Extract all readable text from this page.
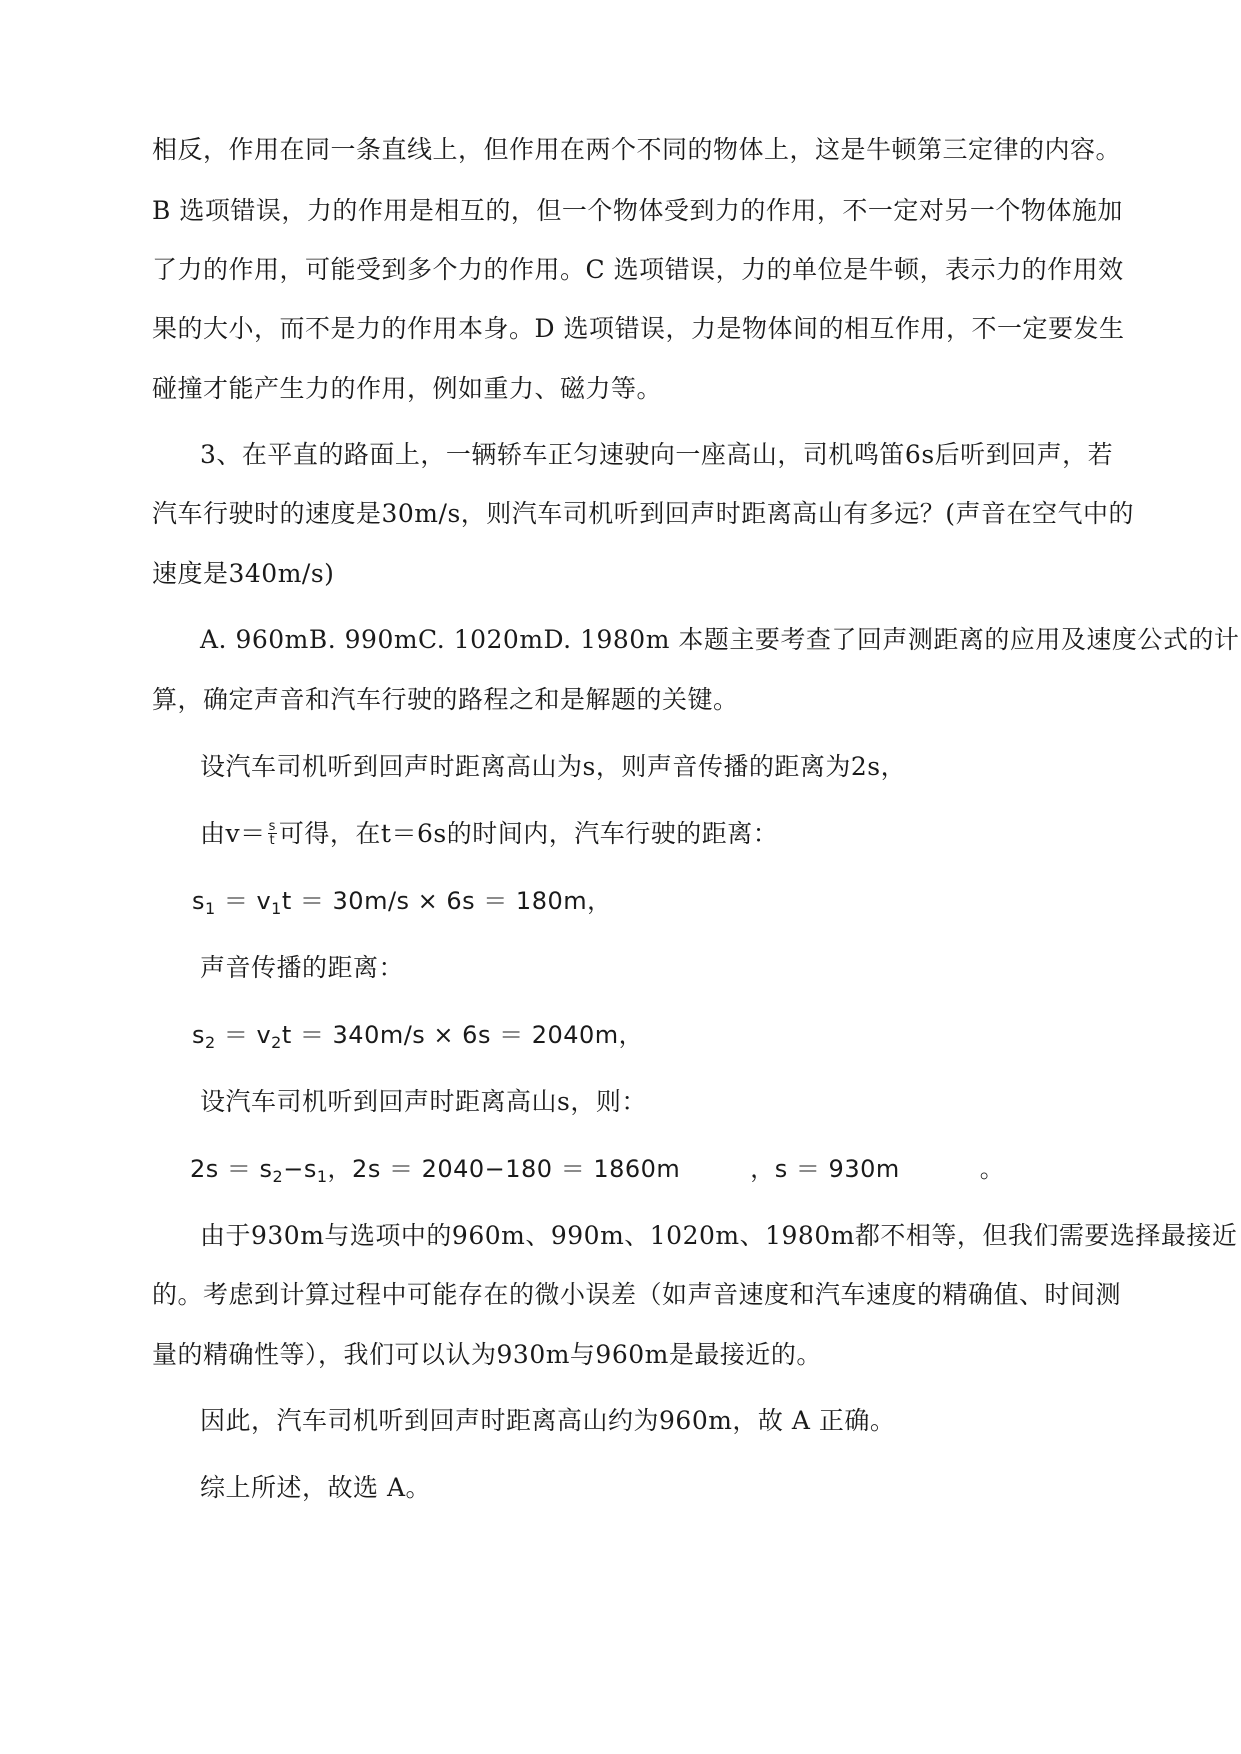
相反，作用在同一条直线上，但作用在两个不同的物体上，这是牛顿第三定律的内容。
B 选项错误，力的作用是相互的，但一个物体受到力的作用，不一定对另一个物体施加
了力的作用，可能受到多个力的作用。C 选项错误，力的单位是牛顿，表示力的作用效
果的大小，而不是力的作用本身。D 选项错误，力是物体间的相互作用，不一定要发生
碰撞才能产生力的作用，例如重力、磁力等。
3、在平直的路面上，一辆轿车正匀速驶向一座高山，司机鸣笛6s后听到回声，若
汽车行驶时的速度是30m/s，则汽车司机听到回声时距离高山有多远？(声音在空气中的
速度是340m/s)
A. 960mB. 990mC. 1020mD. 1980m 本题主要考查了回声测距离的应用及速度公式的计
算，确定声音和汽车行驶的路程之和是解题的关键。
设汽车司机听到回声时距离高山为s，则声音传播的距离为2s，
由$v= \frac{s}{t}$ 可得，在t＝6s的时间内，汽车行驶的距离：
$s_1 = v_1t = 30m/s \times 6s = 180m$，
声音传播的距离：
$s_2 = v_2t = 340m/s \times 6s = 2040m$，
设汽车司机听到回声时距离高山s，则：
$2s = s_2-s_1$，2s ＝ 2040−180 ＝ 1860m	，s ＝ 930m	。
由于930m与选项中的960m、990m、1020m、1980m都不相等，但我们需要选择最接近
的。考虑到计算过程中可能存在的微小误差（如声音速度和汽车速度的精确值、时间测
量的精确性等），我们可以认为930m与960m是最接近的。
因此，汽车司机听到回声时距离高山约为960m，故 A 正确。
综上所述，故选 A。
